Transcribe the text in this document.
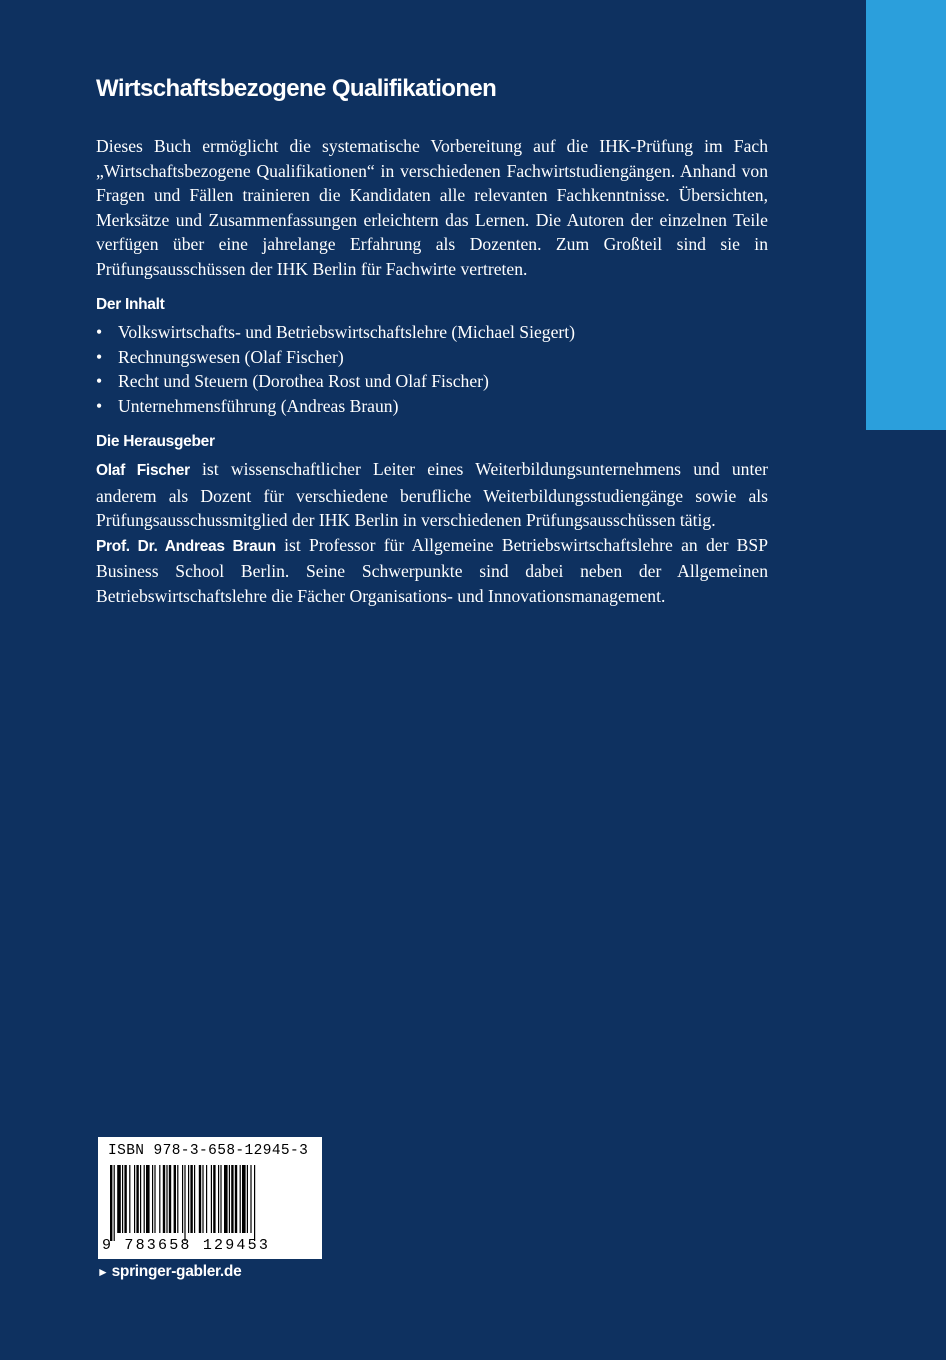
Wirtschaftsbezogene Qualifikationen

Dieses Buch ermöglicht die systematische Vorbereitung auf die IHK-Prüfung im Fach „Wirtschaftsbezogene Qualifikationen“ in verschiedenen Fachwirtstudiengängen. Anhand von Fragen und Fällen trainieren die Kandidaten alle relevanten Fachkenntnisse. Übersichten, Merksätze und Zusammenfassungen erleichtern das Lernen. Die Autoren der einzelnen Teile verfügen über eine jahrelange Erfahrung als Dozenten. Zum Großteil sind sie in Prüfungsausschüssen der IHK Berlin für Fachwirte vertreten.

Der Inhalt
• Volkswirtschafts- und Betriebswirtschaftslehre (Michael Siegert)
• Rechnungswesen (Olaf Fischer)
• Recht und Steuern (Dorothea Rost und Olaf Fischer)
• Unternehmensführung (Andreas Braun)
Die Herausgeber

Olaf Fischer ist wissenschaftlicher Leiter eines Weiterbildungsunternehmens und unter anderem als Dozent für verschiedene berufliche Weiterbildungsstudiengänge sowie als Prüfungsausschussmitglied der IHK Berlin in verschiedenen Prüfungsausschüssen tätig.

Prof. Dr. Andreas Braun ist Professor für Allgemeine Betriebswirtschaftslehre an der BSP Business School Berlin. Seine Schwerpunkte sind dabei neben der Allgemeinen Betriebswirtschaftslehre die Fächer Organisations- und Innovationsmanagement.

ISBN 978-3-658-12945-3
9 783658 129453
► springer-gabler.de
